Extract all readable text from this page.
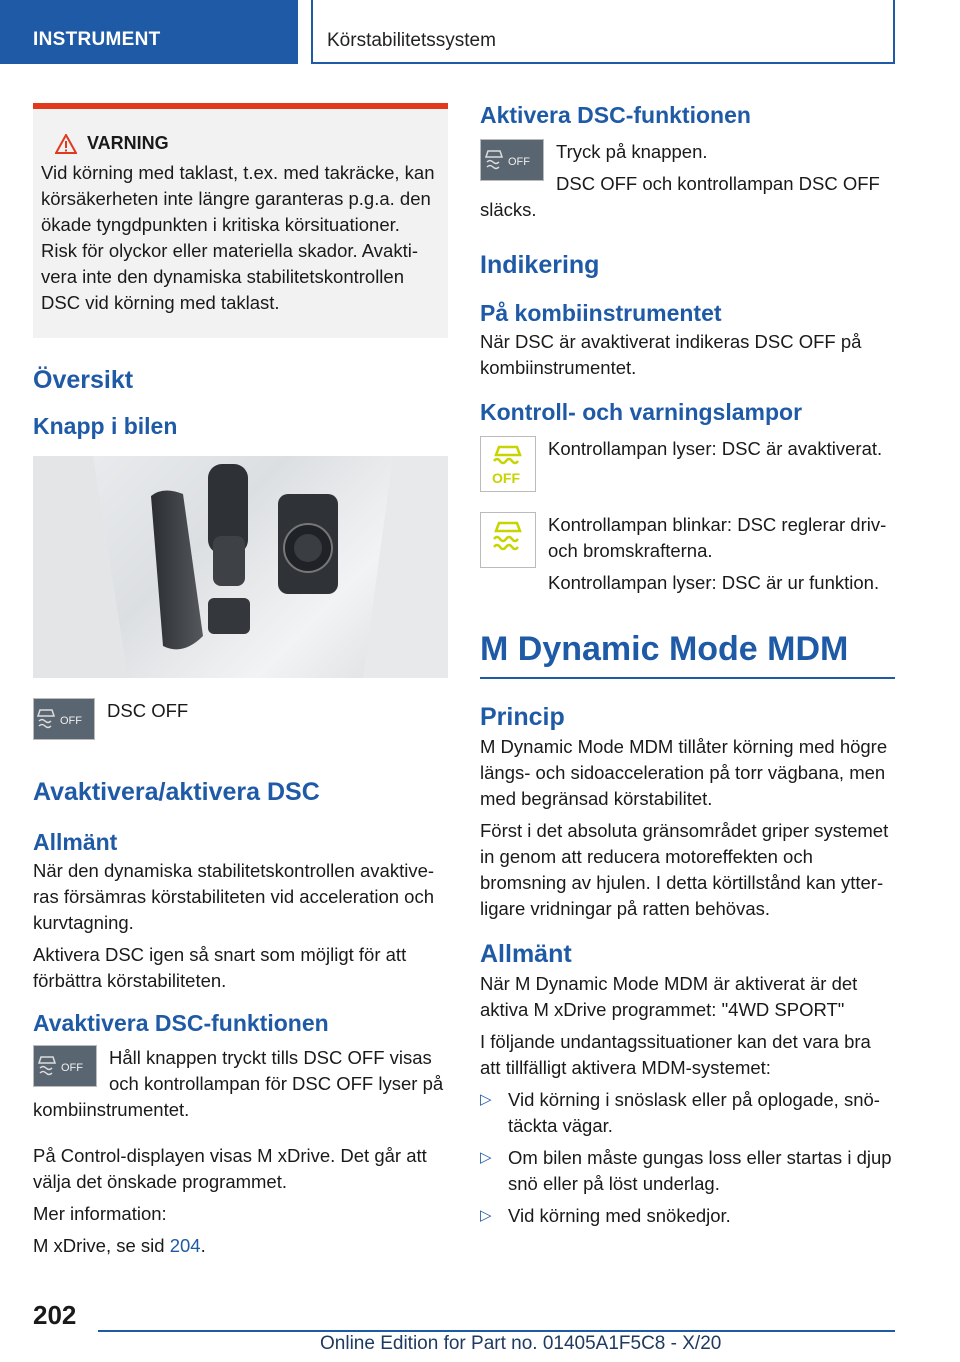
INSTRUMENT	Körstabilitetssystem
VARNING

Vid körning med taklast, t.ex. med takräcke, kan körsäkerheten inte längre garanteras p.g.a. den ökade tyngdpunkten i kritiska körsituationer. Risk för olyckor eller materiella skador. Avaktivera inte den dynamiska stabilitetskontrollen DSC vid körning med taklast.

Översikt
Knapp i bilen
OFF	DSC OFF

Avaktivera/aktivera DSC
Allmänt

När den dynamiska stabilitetskontrollen avaktiveras försämras körstabiliteten vid acceleration och kurvtagning.

Aktivera DSC igen så snart som möjligt för att förbättra körstabiliteten.

Avaktivera DSC-funktionen
OFF	Håll knappen tryckt tills DSC OFF visas och kontrollampan för DSC OFF lyser på kombiinstrumentet.

På Control-displayen visas M xDrive. Det går att välja det önskade programmet.

Mer information:

M xDrive, se sid 204.

Aktivera DSC-funktionen
OFF	Tryck på knappen.

DSC OFF och kontrollampan DSC OFF släcks.

Indikering
På kombiinstrumentet

När DSC är avaktiverat indikeras DSC OFF på kombiinstrumentet.

Kontroll- och varningslampor
OFF

Kontrollampan lyser: DSC är avaktiverat.

Kontrollampan blinkar: DSC reglerar driv- och bromskrafterna.

Kontrollampan lyser: DSC är ur funktion.

M Dynamic Mode MDM
Princip

M Dynamic Mode MDM tillåter körning med högre längs- och sidoacceleration på torr vägbana, men med begränsad körstabilitet.

Först i det absoluta gränsområdet griper systemet in genom att reducera motoreffekten och bromsning av hjulen. I detta körtillstånd kan ytterligare vridningar på ratten behövas.

Allmänt

När M Dynamic Mode MDM är aktiverat är det aktiva M xDrive programmet: "4WD SPORT"

I följande undantagssituationer kan det vara bra att tillfälligt aktivera MDM-systemet:

▷ Vid körning i snöslask eller på oplogade, snötäckta vägar.
▷ Om bilen måste gungas loss eller startas i djup snö eller på löst underlag.
▷ Vid körning med snökedjor.
202
Online Edition for Part no. 01405A1F5C8 - X/20
